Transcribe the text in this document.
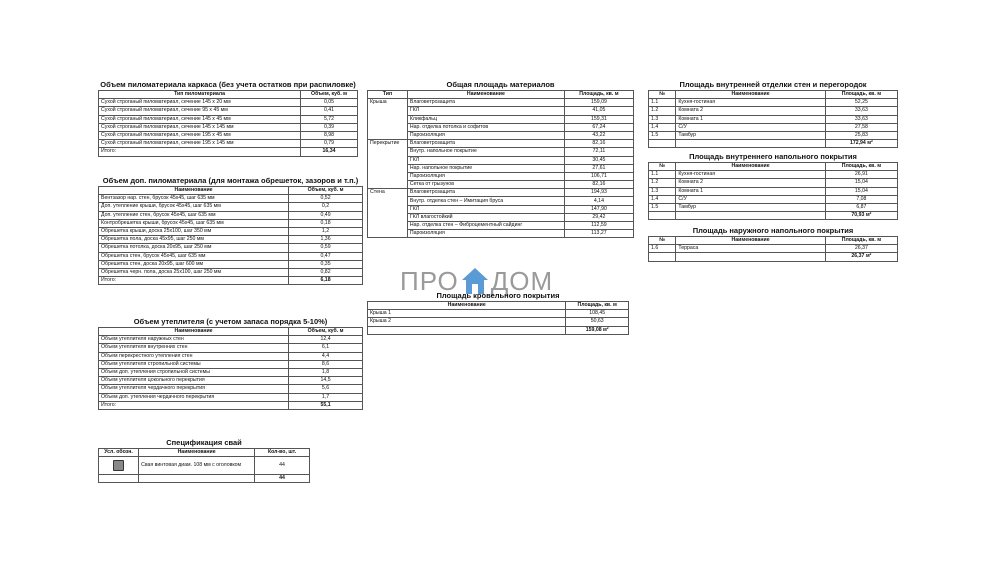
ПРО ДОМ
Объем пиломатериала каркаса (без учета остатков при распиловке)
Тип пиломатериала	Объем, куб. м
Сухой строганый пиломатериал, сечение 145 х 20 мм	0,05
Сухой строганый пиломатериал, сечение 95 х 45 мм	0,41
Сухой строганый пиломатериал, сечение 145 х 45 мм	5,72
Сухой строганый пиломатериал, сечение 145 х 145 мм	0,39
Сухой строганый пиломатериал, сечение 195 х 45 мм	8,98
Сухой строганый пиломатериал, сечение 195 х 145 мм	0,79
Итого:	16,34
Объем доп. пиломатериала (для монтажа обрешеток, зазоров и т.п.)
Наименование	Объем, куб. м
Вентзазор нар. стен, брусок 45х45, шаг 635 мм	0,52
Доп. утепление крыши, брусок 45х45, шаг 635 мм	0,2
Доп. утепление стен, брусок 45х45, шаг 635 мм	0,49
Контробрешетка крыши, брусок 45х45, шаг 635 мм	0,18
Обрешетка крыши, доска 25х100, шаг 350 мм	1,2
Обрешетка пола, доска 45х95, шаг 250 мм	1,36
Обрешетка потолка, доска 20х95, шаг 250 мм	0,59
Обрешетка стен, брусок 45х45, шаг 635 мм	0,47
Обрешетка стен, доска 20х95, шаг 600 мм	0,35
Обрешетка черн. пола, доска 25х100, шаг 250 мм	0,82
Итого:	6,18
Объем утеплителя (с учетом запаса порядка 5-10%)
Наименование	Объем, куб. м
Объем утеплителя наружных стен	12,4
Объем утеплителя внутренних стен	6,1
Объем перекрестного утепления стен	4,4
Объем утеплителя стропильной системы	8,6
Объем доп. утепления стропильной системы	1,8
Объем утеплителя цокольного перекрытия	14,5
Объем утеплителя чердачного перекрытия	5,6
Объем доп. утепления чердачного перекрытия	1,7
Итого:	55,1
Спецификация свай
Усл. обозн.	Наименование	Кол-во, шт.
	Свая винтовая диам. 108 мм с оголовком	44
		44
Общая площадь материалов
Тип	Наименование	Площадь, кв. м
Крыша	Влаговетрозащита	159,09
	ГКЛ	41,05
	Кликфальц	159,31
	Нар. отделка потолка и софитов	67,24
	Пароизоляция	43,22
Перекрытие	Влаговетрозащита	82,16
	Внутр. напольное покрытие	72,11
	ГКЛ	30,45
	Нар. напольное покрытие	27,61
	Пароизоляция	106,71
	Сетка от грызунов	82,16
Стена	Влаговетрозащита	194,93
	Внутр. отделка стен – Имитация бруса	4,14
	ГКЛ	147,90
	ГКЛ влагостойкий	29,42
	Нар. отделка стен – Фиброцементный сайдинг	112,59
	Пароизоляция	113,27
Площадь кровельного покрытия
Наименование	Площадь, кв. м
Крыша 1	108,45
Крыша 2	50,63
	159,08 м²
Площадь внутренней отделки стен и перегородок
№	Наименование	Площадь, кв. м
1.1	Кухня-гостиная	52,25
1.2	Комната 2	33,63
1.3	Комната 1	33,63
1.4	С/У	27,58
1.5	Тамбур	25,83
		172,94 м²
Площадь внутреннего напольного покрытия
№	Наименование	Площадь, кв. м
1.1	Кухня-гостиная	26,91
1.2	Комната 2	15,04
1.3	Комната 1	15,04
1.4	С/У	7,08
1.5	Тамбур	6,87
		70,93 м²
Площадь наружного напольного покрытия
№	Наименование	Площадь, кв. м
1.6	Терраса	26,37
		26,37 м²
